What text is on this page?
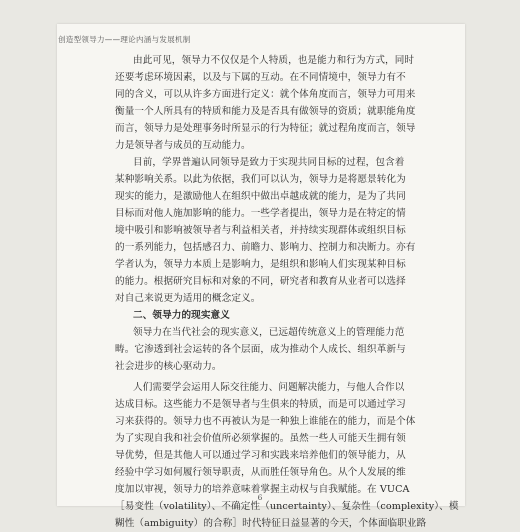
创造型领导力——理论内涵与发展机制
由此可见，领导力不仅仅是个人特质，也是能力和行为方式，同时
还要考虑环境因素，以及与下属的互动。在不同情境中，领导力有不
同的含义，可以从许多方面进行定义：就个体角度而言，领导力可用来
衡量一个人所具有的特质和能力及是否具有做领导的资质；就职能角度
而言，领导力是处理事务时所显示的行为特征；就过程角度而言，领导
力是领导者与成员的互动能力。
目前，学界普遍认同领导是致力于实现共同目标的过程，包含着
某种影响关系。以此为依据，我们可以认为，领导力是将愿景转化为
现实的能力，是激励他人在组织中做出卓越成就的能力，是为了共同
目标而对他人施加影响的能力。一些学者提出，领导力是在特定的情
境中吸引和影响被领导者与利益相关者，并持续实现群体或组织目标
的一系列能力，包括感召力、前瞻力、影响力、控制力和决断力。亦有
学者认为，领导力本质上是影响力，是组织和影响人们实现某种目标
的能力。根据研究目标和对象的不同，研究者和教育从业者可以选择
对自己来说更为适用的概念定义。
二、领导力的现实意义
领导力在当代社会的现实意义，已远超传统意义上的管理能力范
畴。它渗透到社会运转的各个层面，成为推动个人成长、组织革新与
社会进步的核心驱动力。
人们需要学会运用人际交往能力、问题解决能力，与他人合作以
达成目标。这些能力不是领导者与生俱来的特质，而是可以通过学习
习来获得的。领导力也不再被认为是一种独上谁能在的能力，而是个体
为了实现自我和社会价值所必须掌握的。虽然一些人可能天生拥有领
导优势，但是其他人可以通过学习和实践来培养他们的领导能力，从
经验中学习如何履行领导职责，从而胜任领导角色。从个人发展的维
度加以审视，领导力的培养意味着掌握主动权与自我赋能。在 VUCA
［易变性（volatility）、不确定性（uncertainty）、复杂性（complexity）、模
糊性（ambiguity）的合称］时代特征日益显著的今天，个体面临职业路
6
